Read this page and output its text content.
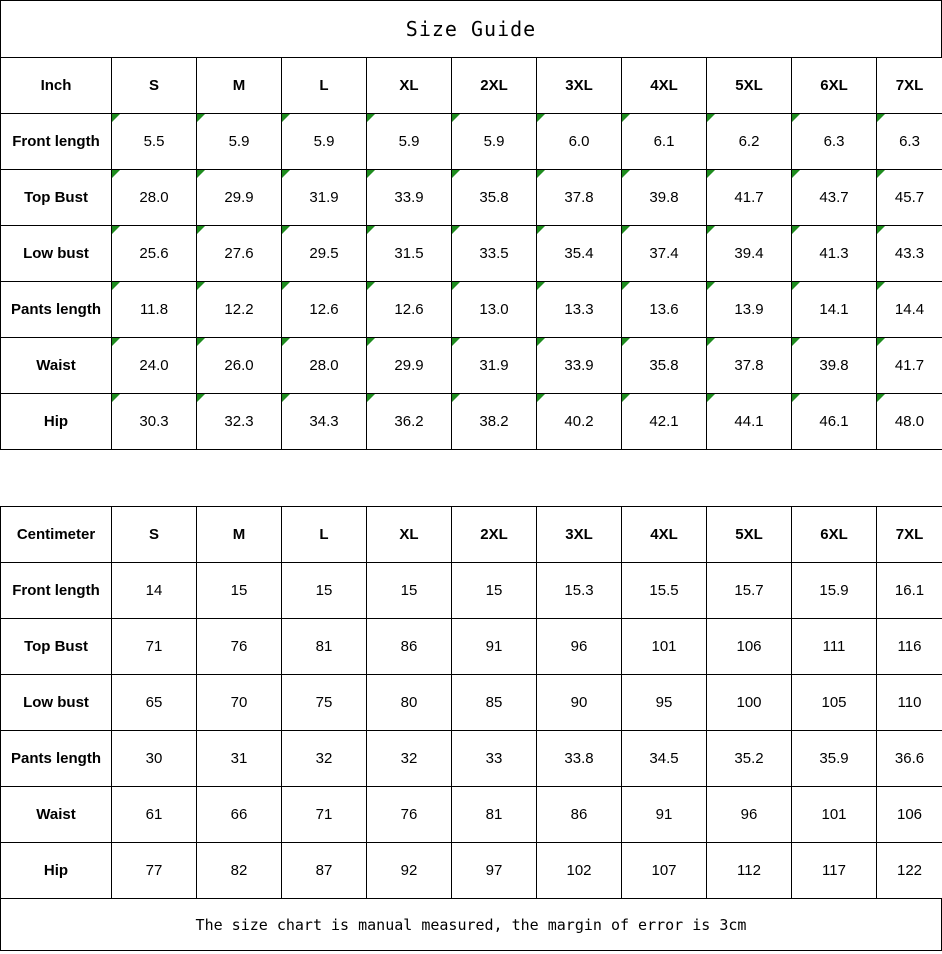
Size Guide
Inch	S	M	L	XL	2XL	3XL	4XL	5XL	6XL	7XL
Front length	5.5	5.9	5.9	5.9	5.9	6.0	6.1	6.2	6.3	6.3
Top Bust	28.0	29.9	31.9	33.9	35.8	37.8	39.8	41.7	43.7	45.7
Low bust	25.6	27.6	29.5	31.5	33.5	35.4	37.4	39.4	41.3	43.3
Pants length	11.8	12.2	12.6	12.6	13.0	13.3	13.6	13.9	14.1	14.4
Waist	24.0	26.0	28.0	29.9	31.9	33.9	35.8	37.8	39.8	41.7
Hip	30.3	32.3	34.3	36.2	38.2	40.2	42.1	44.1	46.1	48.0
Centimeter	S	M	L	XL	2XL	3XL	4XL	5XL	6XL	7XL
Front length	14	15	15	15	15	15.3	15.5	15.7	15.9	16.1
Top Bust	71	76	81	86	91	96	101	106	111	116
Low bust	65	70	75	80	85	90	95	100	105	110
Pants length	30	31	32	32	33	33.8	34.5	35.2	35.9	36.6
Waist	61	66	71	76	81	86	91	96	101	106
Hip	77	82	87	92	97	102	107	112	117	122
The size chart is manual measured, the margin of error is 3cm
